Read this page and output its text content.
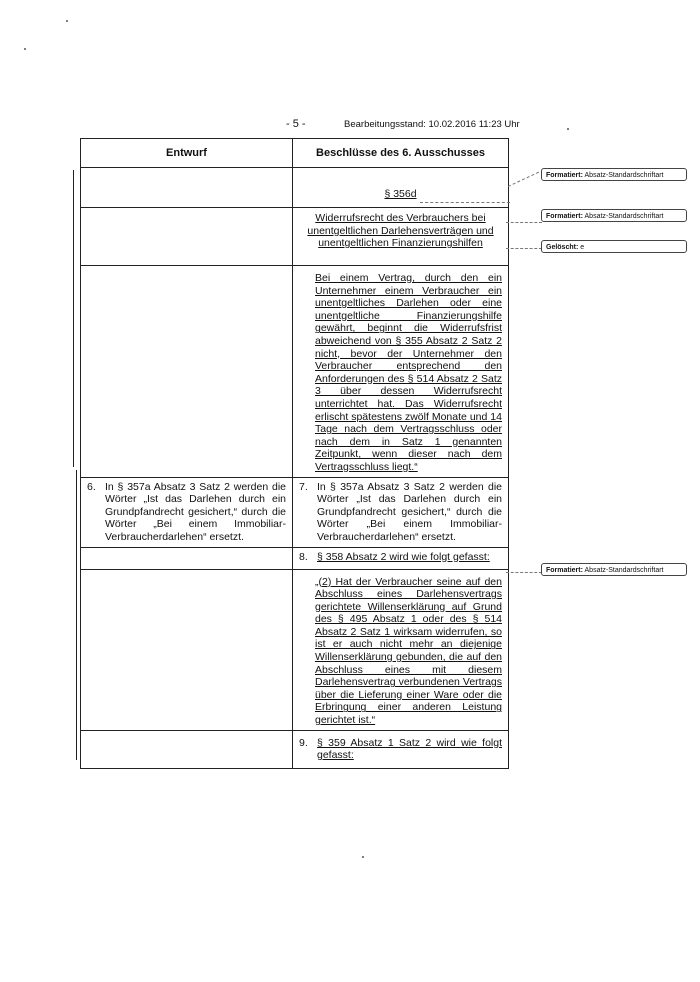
- 5 -	Bearbeitungsstand: 10.02.2016 11:23 Uhr
Entwurf	Beschlüsse des 6. Ausschusses

	§ 356d

	Widerrufsrecht des Verbrauchers bei unentgeltlichen Darlehensverträgen und unentgeltlichen Finanzierungshilfen

	Bei einem Vertrag, durch den ein Unternehmer einem Verbraucher ein unentgeltliches Darlehen oder eine unentgeltliche Finanzierungshilfe gewährt, beginnt die Widerrufsfrist abweichend von § 355 Absatz 2 Satz 2 nicht, bevor der Unternehmer den Verbraucher entsprechend den Anforderungen des § 514 Absatz 2 Satz 3 über dessen Widerrufsrecht unterrichtet hat. Das Widerrufsrecht erlischt spätestens zwölf Monate und 14 Tage nach dem Vertragsschluss oder nach dem in Satz 1 genannten Zeitpunkt, wenn dieser nach dem Vertragsschluss liegt.“

6. In § 357a Absatz 3 Satz 2 werden die Wörter „Ist das Darlehen durch ein Grundpfandrecht gesichert,“ durch die Wörter „Bei einem Immobiliar-Verbraucherdarlehen“ ersetzt.	7. In § 357a Absatz 3 Satz 2 werden die Wörter „Ist das Darlehen durch ein Grundpfandrecht gesichert,“ durch die Wörter „Bei einem Immobiliar-Verbraucherdarlehen“ ersetzt.

	8. § 358 Absatz 2 wird wie folgt gefasst:

	„(2) Hat der Verbraucher seine auf den Abschluss eines Darlehensvertrags gerichtete Willenserklärung auf Grund des § 495 Absatz 1 oder des § 514 Absatz 2 Satz 1 wirksam widerrufen, so ist er auch nicht mehr an diejenige Willenserklärung gebunden, die auf den Abschluss eines mit diesem Darlehensvertrag verbundenen Vertrags über die Lieferung einer Ware oder die Erbringung einer anderen Leistung gerichtet ist.“

	9. § 359 Absatz 1 Satz 2 wird wie folgt gefasst:
Formatiert: Absatz-Standardschriftart
Formatiert: Absatz-Standardschriftart
Gelöscht: e
Formatiert: Absatz-Standardschriftart
